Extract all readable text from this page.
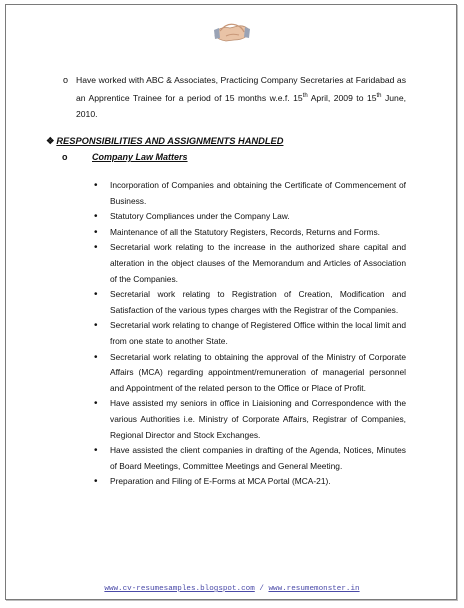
o Have worked with ABC & Associates, Practicing Company Secretaries at Faridabad as an Apprentice Trainee for a period of 15 months w.e.f. 15th April, 2009 to 15th June, 2010.
❖ RESPONSIBILITIES AND ASSIGNMENTS HANDLED
o	Company Law Matters
• Incorporation of Companies and obtaining the Certificate of Commencement of Business.
• Statutory Compliances under the Company Law.
• Maintenance of all the Statutory Registers, Records, Returns and Forms.
• Secretarial work relating to the increase in the authorized share capital and alteration in the object clauses of the Memorandum and Articles of Association of the Companies.
• Secretarial work relating to Registration of Creation, Modification and Satisfaction of the various types charges with the Registrar of the Companies.
• Secretarial work relating to change of Registered Office within the local limit and from one state to another State.
• Secretarial work relating to obtaining the approval of the Ministry of Corporate Affairs (MCA) regarding appointment/remuneration of managerial personnel and Appointment of the related person to the Office or Place of Profit.
• Have assisted my seniors in office in Liaisioning and Correspondence with the various Authorities i.e. Ministry of Corporate Affairs, Registrar of Companies, Regional Director and Stock Exchanges.
• Have assisted the client companies in drafting of the Agenda, Notices, Minutes of Board Meetings, Committee Meetings and General Meeting.
• Preparation and Filing of E-Forms at MCA Portal (MCA-21).
www.cv-resumesamples.blogspot.com / www.resumemonster.in
